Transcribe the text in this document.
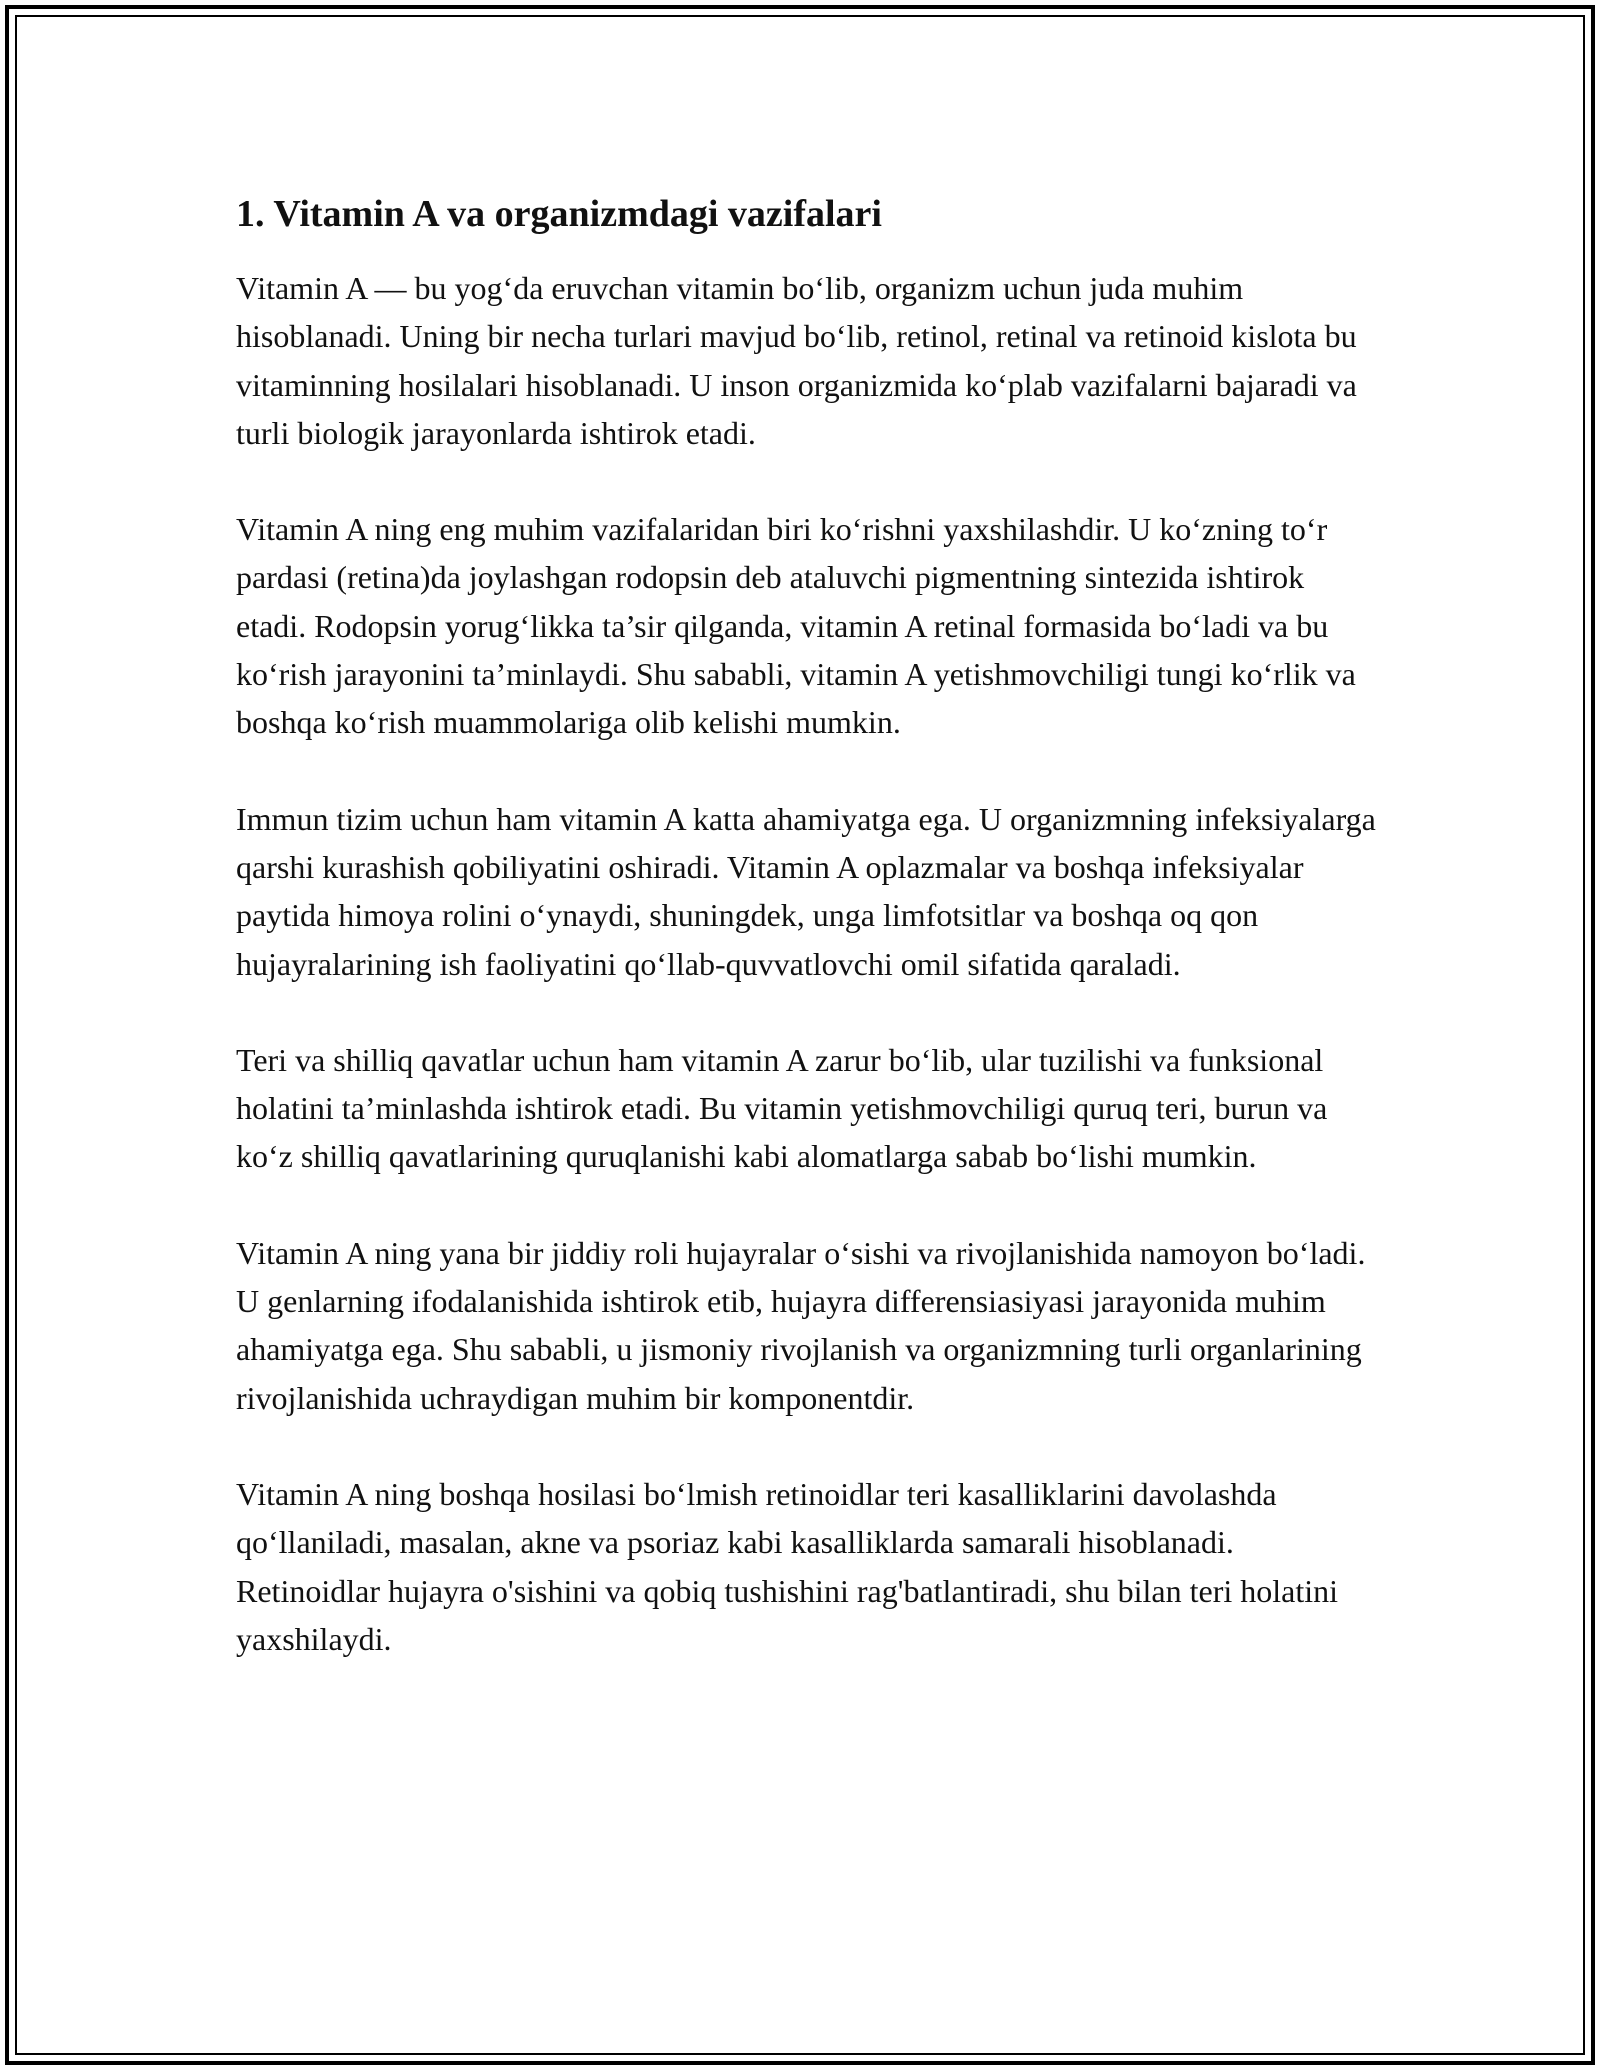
1. Vitamin A va organizmdagi vazifalari

Vitamin A — bu yog‘da eruvchan vitamin bo‘lib, organizm uchun juda muhim hisoblanadi. Uning bir necha turlari mavjud bo‘lib, retinol, retinal va retinoid kislota bu vitaminning hosilalari hisoblanadi. U inson organizmida ko‘plab vazifalarni bajaradi va turli biologik jarayonlarda ishtirok etadi.

Vitamin A ning eng muhim vazifalaridan biri ko‘rishni yaxshilashdir. U ko‘zning to‘r pardasi (retina)da joylashgan rodopsin deb ataluvchi pigmentning sintezida ishtirok etadi. Rodopsin yorug‘likka ta’sir qilganda, vitamin A retinal formasida bo‘ladi va bu ko‘rish jarayonini ta’minlaydi. Shu sababli, vitamin A yetishmovchiligi tungi ko‘rlik va boshqa ko‘rish muammolariga olib kelishi mumkin.

Immun tizim uchun ham vitamin A katta ahamiyatga ega. U organizmning infeksiyalarga qarshi kurashish qobiliyatini oshiradi. Vitamin A oplazmalar va boshqa infeksiyalar paytida himoya rolini o‘ynaydi, shuningdek, unga limfotsitlar va boshqa oq qon hujayralarining ish faoliyatini qo‘llab-quvvatlovchi omil sifatida qaraladi.

Teri va shilliq qavatlar uchun ham vitamin A zarur bo‘lib, ular tuzilishi va funksional holatini ta’minlashda ishtirok etadi. Bu vitamin yetishmovchiligi quruq teri, burun va ko‘z shilliq qavatlarining quruqlanishi kabi alomatlarga sabab bo‘lishi mumkin.

Vitamin A ning yana bir jiddiy roli hujayralar o‘sishi va rivojlanishida namoyon bo‘ladi. U genlarning ifodalanishida ishtirok etib, hujayra differensiasiyasi jarayonida muhim ahamiyatga ega. Shu sababli, u jismoniy rivojlanish va organizmning turli organlarining rivojlanishida uchraydigan muhim bir komponentdir.

Vitamin A ning boshqa hosilasi bo‘lmish retinoidlar teri kasalliklarini davolashda qo‘llaniladi, masalan, akne va psoriaz kabi kasalliklarda samarali hisoblanadi. Retinoidlar hujayra o'sishini va qobiq tushishini rag'batlantiradi, shu bilan teri holatini yaxshilaydi.
